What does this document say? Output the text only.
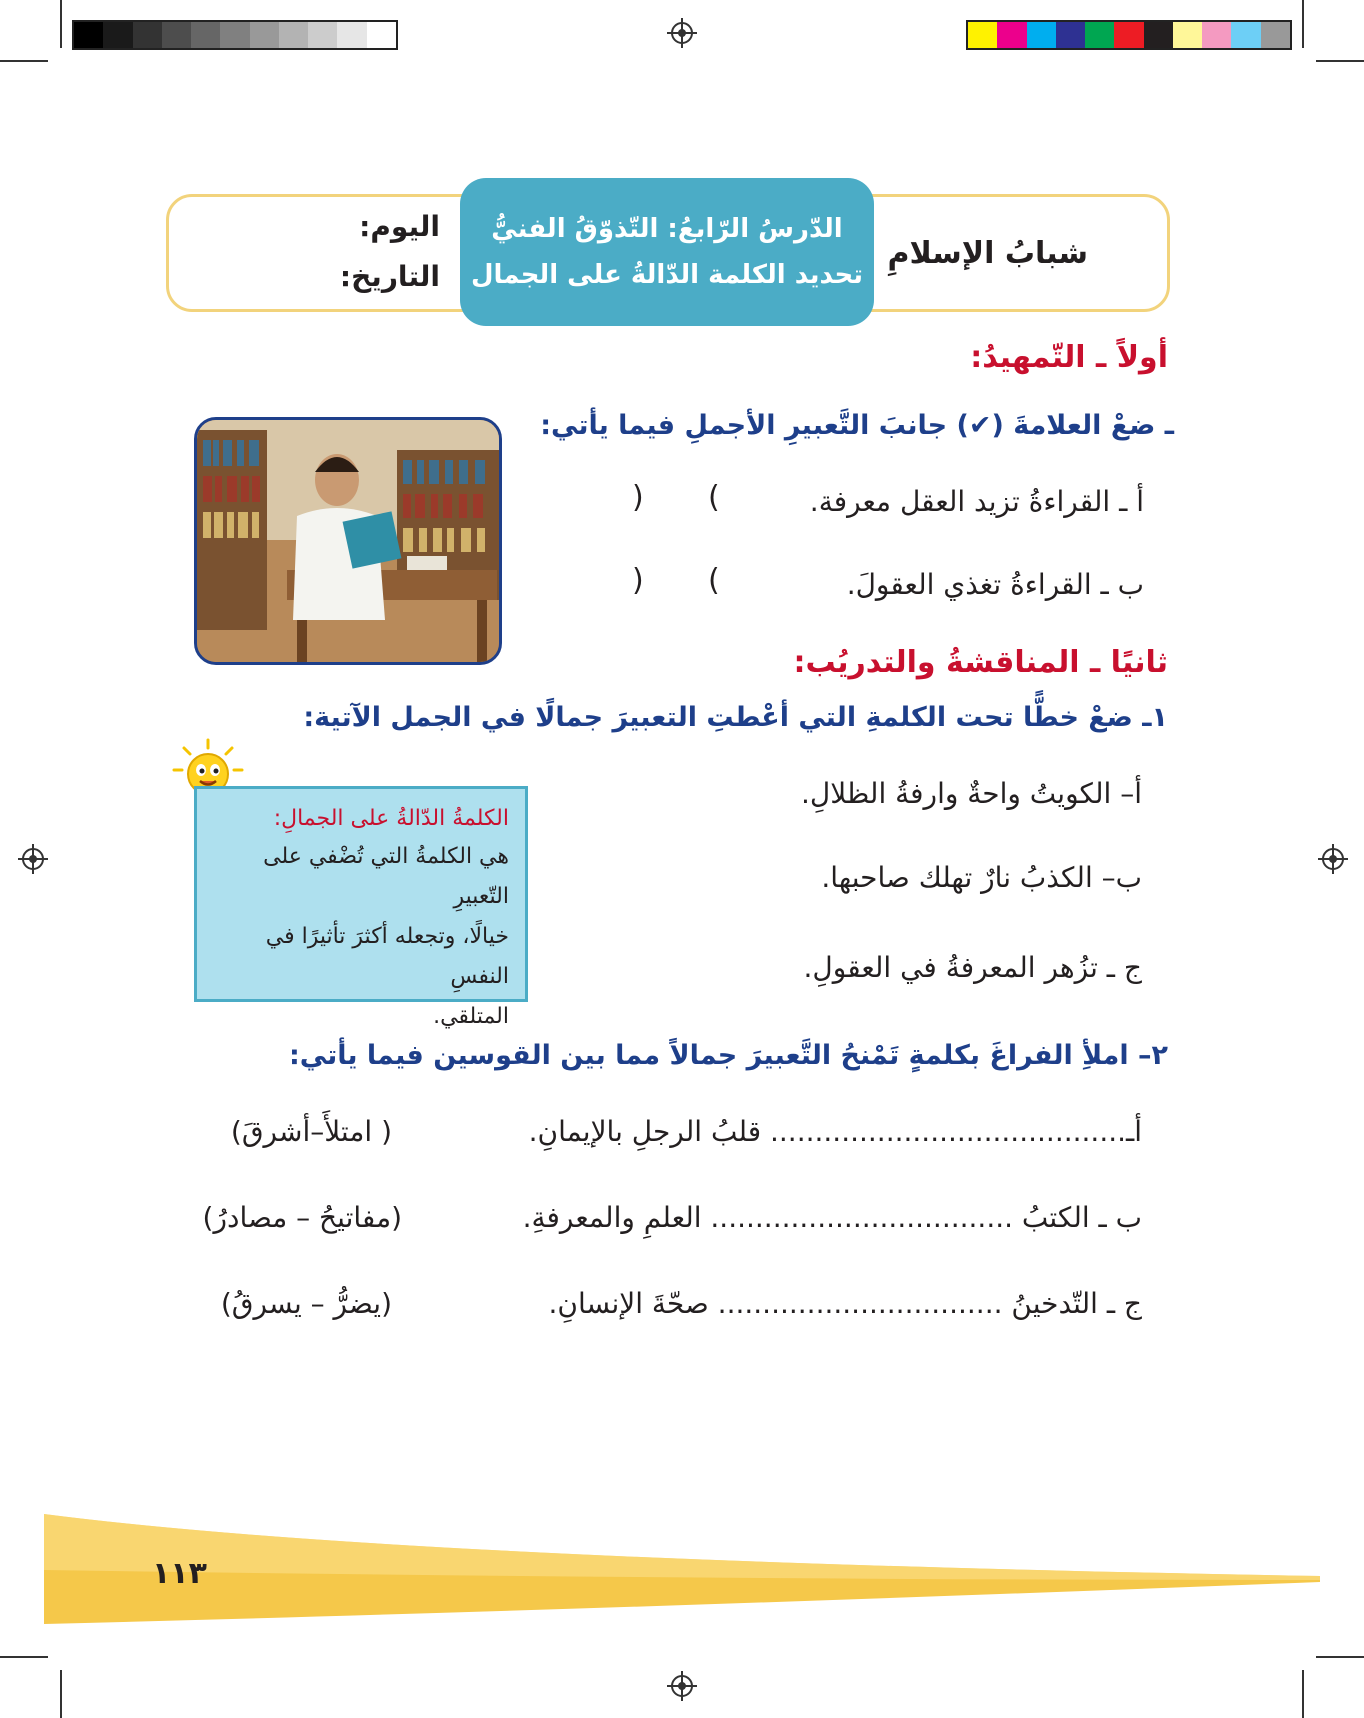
شبابُ الإسلامِ
اليوم:
التاريخ:
الدّرسُ الرّابعُ: التّذوّقُ الفنيُّ
تحديد الكلمة الدّالةُ على الجمال
أولاً ـ التّمهيدُ:
ـ ضعْ العلامةَ (✔) جانبَ التَّعبيرِ الأجملِ فيما يأتي:
أ ـ القراءةُ تزيد العقل معرفة.
(
)
ب ـ القراءةُ تغذي العقولَ.
(
)
ثانيًا ـ المناقشةُ والتدريُب:
١ـ ضعْ خطًّا تحت الكلمةِ التي أعْطتِ التعبيرَ جمالًا في الجمل الآتية:
أ– الكويتُ واحةٌ وارفةُ الظلالِ.
ب– الكذبُ نارٌ تهلك صاحبها.
ج ـ تزُهر المعرفةُ في العقولِ.
الكلمةُ الدّالةُ على الجمالِ:
هي الكلمةُ التي تُضْفي على التّعبيرِ
خيالًا، وتجعله أكثرَ تأثيرًا في النفسِ
المتلقي.
٢– املأِ الفراغَ بكلمةٍ تَمْنحُ التَّعبيرَ جمالاً مما بين القوسين فيما يأتي:
أـ........................................ قلبُ الرجلِ بالإيمانِ.
( امتلأَ–أشرقَ)
ب ـ الكتبُ .................................. العلمِ والمعرفةِ.
(مفاتيحُ – مصادرُ)
ج ـ التّدخينُ ................................ صحّةَ الإنسانِ.
(يضرُّ – يسرقُ)
١١٣
